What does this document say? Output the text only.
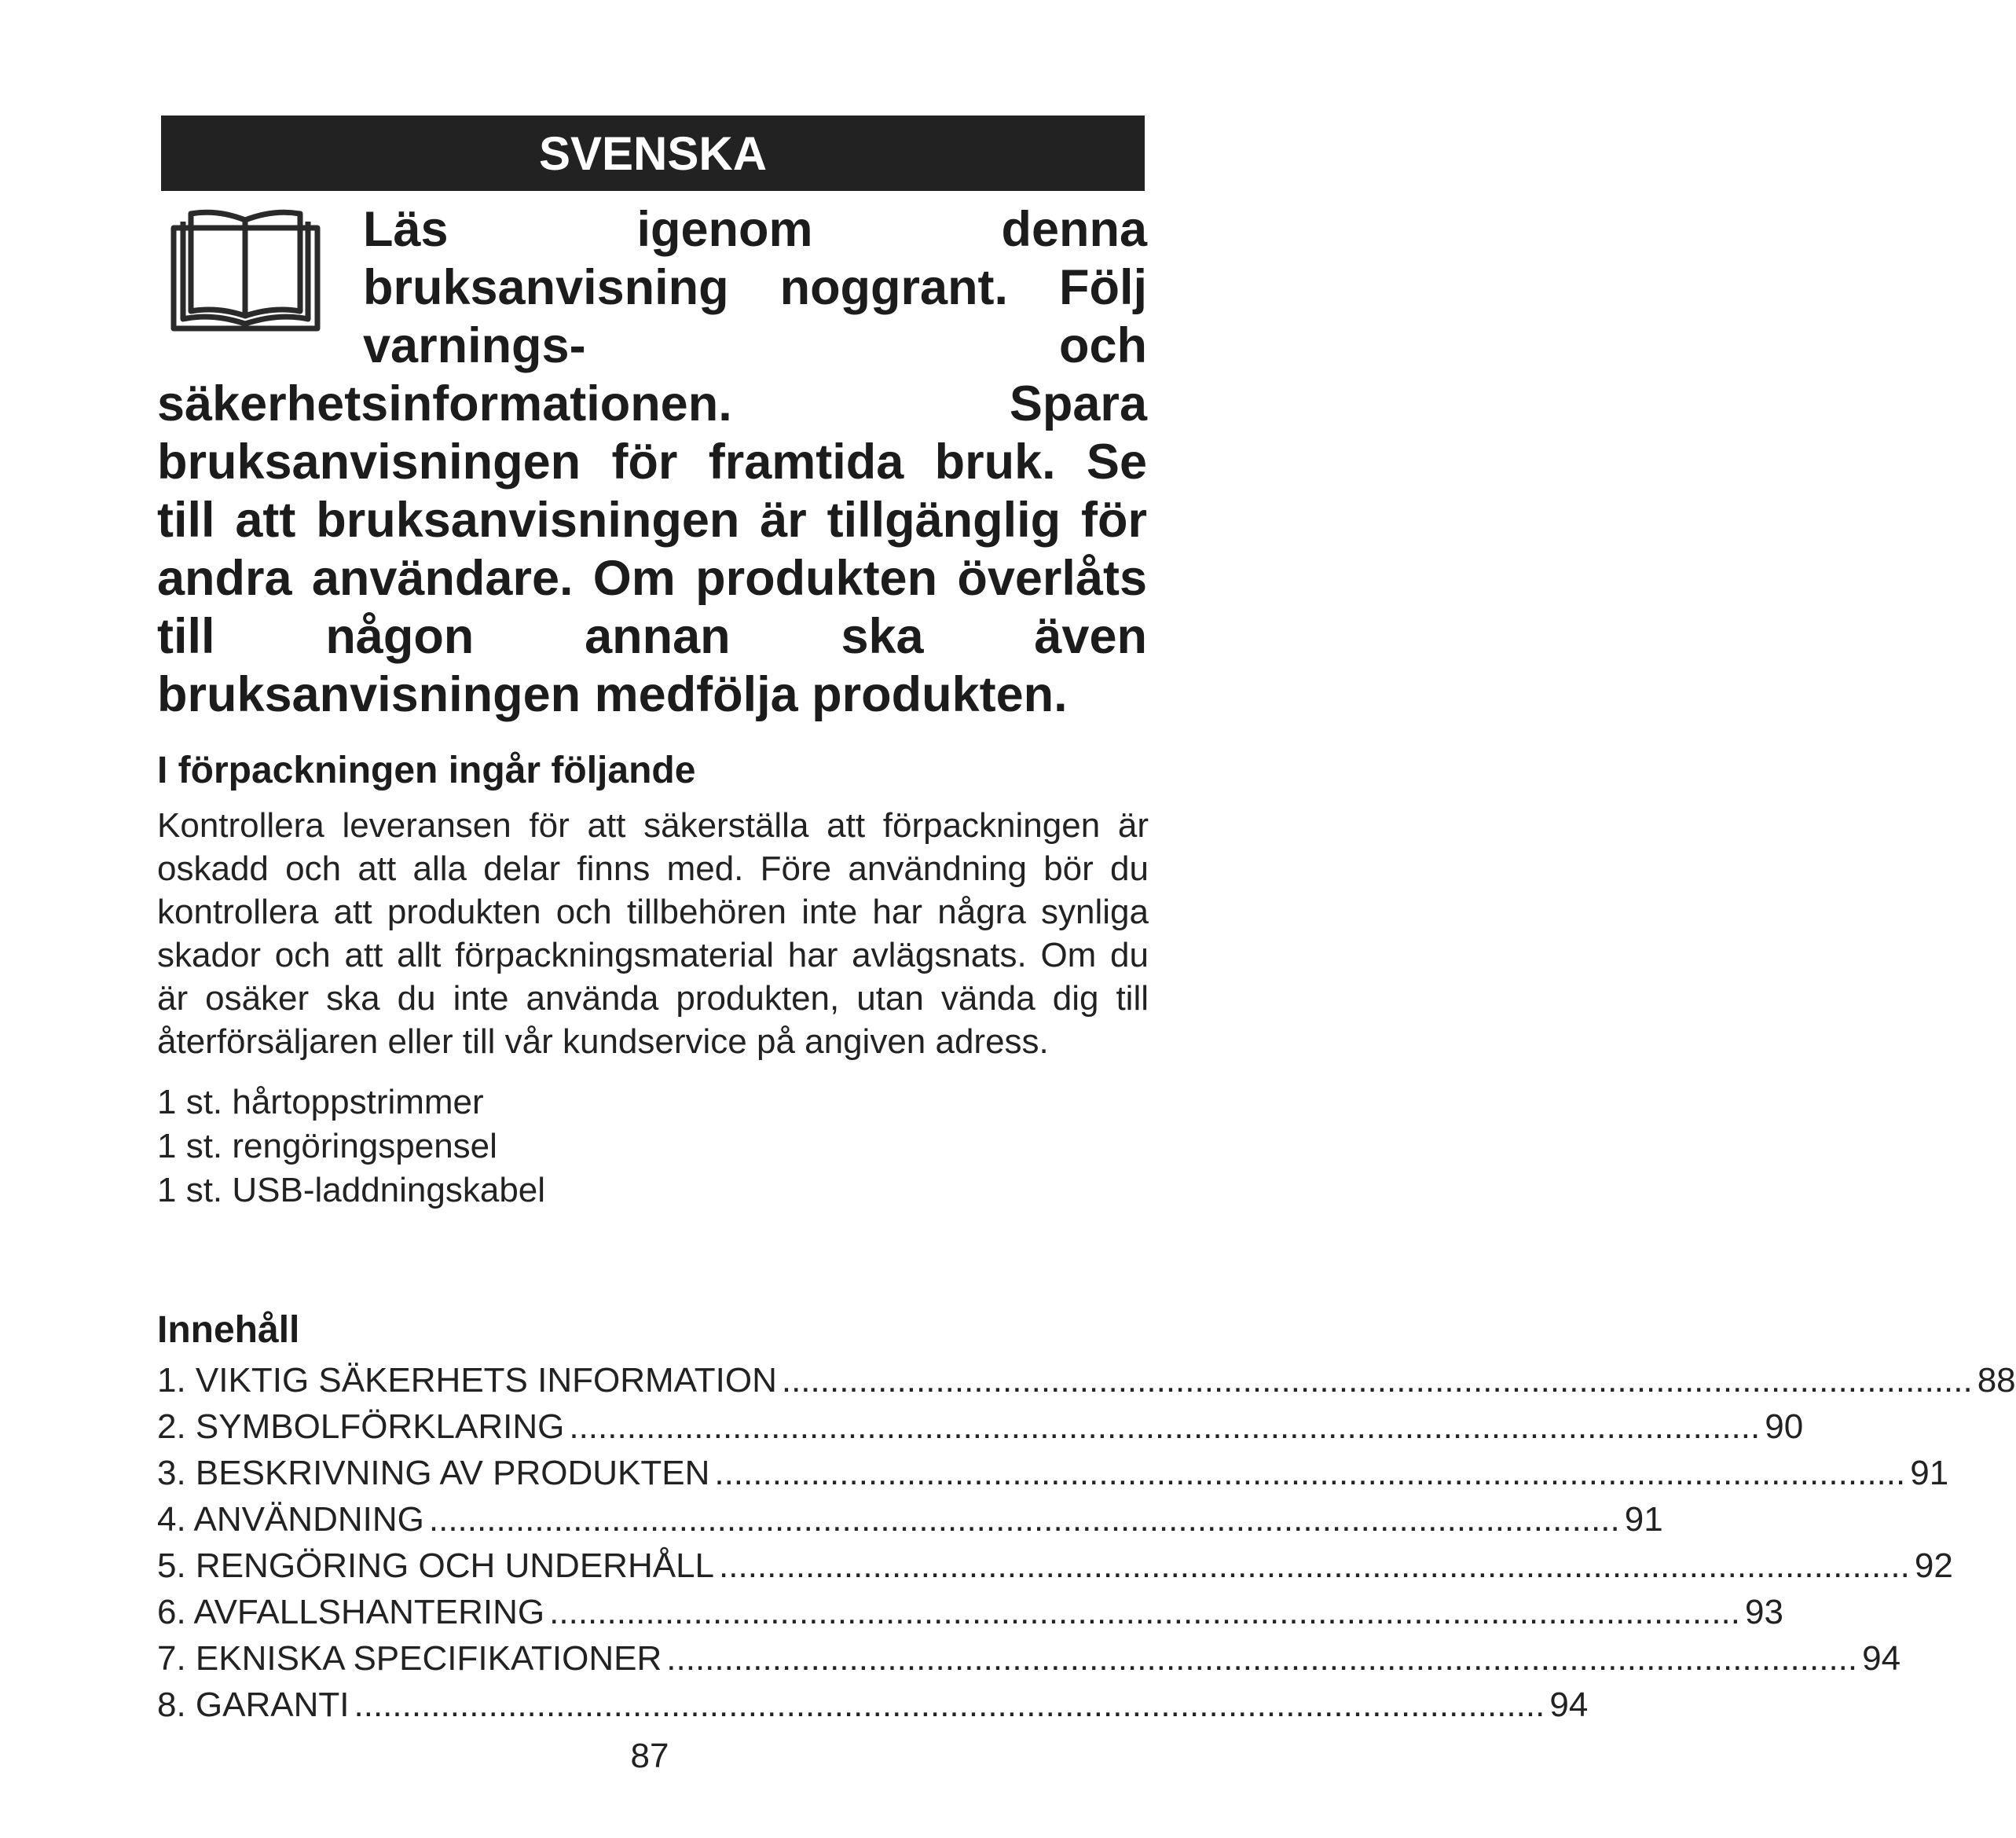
SVENSKA

Läs igenom denna bruksanvisning noggrant. Följ varnings- och säkerhetsinformationen. Spara bruksanvisningen för framtida bruk. Se till att bruksanvisningen är tillgänglig för andra användare. Om produkten överlåts till någon annan ska även bruksanvisningen medfölja produkten.

I förpackningen ingår följande

Kontrollera leveransen för att säkerställa att förpackningen är oskadd och att alla delar finns med. Före användning bör du kontrollera att produkten och tillbehören inte har några synliga skador och att allt förpackningsmaterial har avlägsnats. Om du är osäker ska du inte använda produkten, utan vända dig till återförsäljaren eller till vår kundservice på angiven adress.

1 st. hårtoppstrimmer
1 st. rengöringspensel
1 st. USB-laddningskabel
Innehåll
1. VIKTIG SÄKERHETS INFORMATION ............................................................................................................................ 88
2. SYMBOLFÖRKLARING ............................................................................................................................ 90
3. BESKRIVNING AV PRODUKTEN ............................................................................................................................ 91
4. ANVÄNDNING ............................................................................................................................ 91
5. RENGÖRING OCH UNDERHÅLL ............................................................................................................................ 92
6. AVFALLSHANTERING ............................................................................................................................ 93
7. EKNISKA SPECIFIKATIONER ............................................................................................................................ 94
8. GARANTI ............................................................................................................................ 94
87
